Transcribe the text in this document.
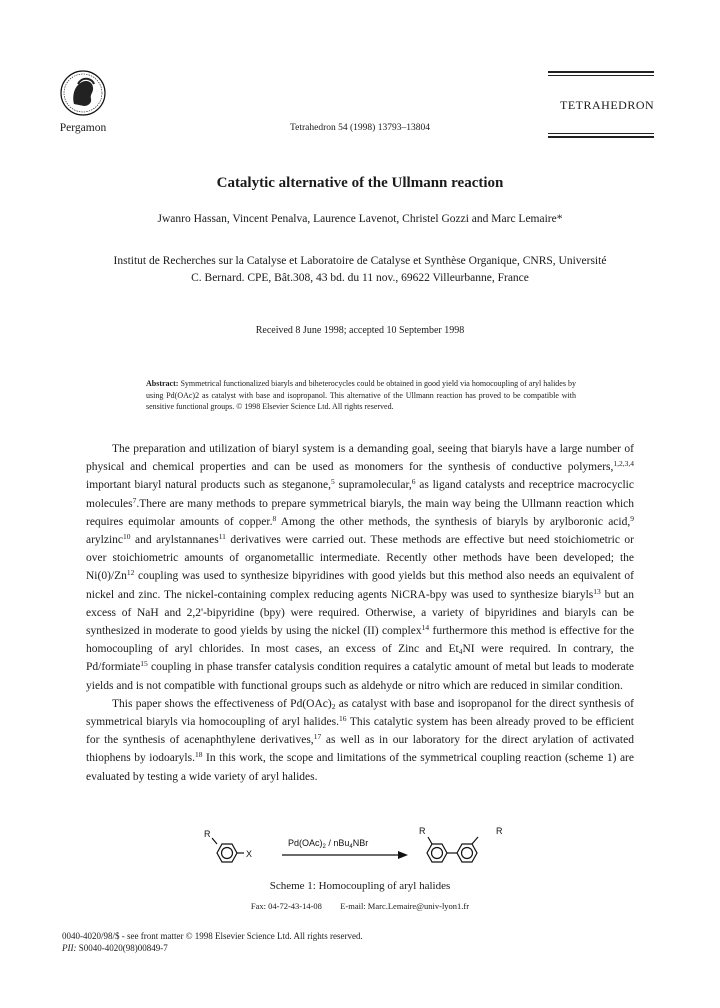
Pergamon	Tetrahedron 54 (1998) 13793–13804
TETRAHEDRON
Catalytic alternative of the Ullmann reaction
Jwanro Hassan, Vincent Penalva, Laurence Lavenot, Christel Gozzi and Marc Lemaire*
Institut de Recherches sur la Catalyse et Laboratoire de Catalyse et Synthèse Organique, CNRS, Université
C. Bernard. CPE, Bât.308, 43 bd. du 11 nov., 69622 Villeurbanne, France
Received 8 June 1998; accepted 10 September 1998
Abstract: Symmetrical functionalized biaryls and biheterocycles could be obtained in good yield via homocoupling of aryl halides by using Pd(OAc)2 as catalyst with base and isopropanol. This alternative of the Ullmann reaction has proved to be compatible with sensitive functional groups. © 1998 Elsevier Science Ltd. All rights reserved.

The preparation and utilization of biaryl system is a demanding goal, seeing that biaryls have a large number of physical and chemical properties and can be used as monomers for the synthesis of conductive polymers,$^{1,2,3,4}$ important biaryl natural products such as steganone,$^5$ supramolecular,$^6$ as ligand catalysts and receptrice macrocyclic molecules$^7$.There are many methods to prepare symmetrical biaryls, the main way being the Ullmann reaction which requires equimolar amounts of copper.$^8$ Among the other methods, the synthesis of biaryls by arylboronic acid,$^9$ arylzinc$^{10}$ and arylstannanes$^{11}$ derivatives were carried out. These methods are effective but need stoichiometric or over stoichiometric amounts of organometallic intermediate. Recently other methods have been developed; the Ni(0)/Zn$^{12}$ coupling was used to synthesize bipyridines with good yields but this method also needs an equivalent of nickel and zinc. The nickel-containing complex reducing agents NiCRA-bpy was used to synthesize biaryls$^{13}$ but an excess of NaH and 2,2'-bipyridine (bpy) were required. Otherwise, a variety of bipyridines and biaryls can be synthesized in moderate to good yields by using the nickel (II) complex$^{14}$ furthermore this method is effective for the homocoupling of aryl chlorides. In most cases, an excess of Zinc and $Et_4NI$ were required. In contrary, the Pd/formiate$^{15}$ coupling in phase transfer catalysis condition requires a catalytic amount of metal but leads to moderate yields and is not compatible with functional groups such as aldehyde or nitro which are reduced in similar condition.

This paper shows the effectiveness of $Pd(OAc)_2$ as catalyst with base and isopropanol for the direct synthesis of symmetrical biaryls via homocoupling of aryl halides.$^{16}$ This catalytic system has been already proved to be efficient for the synthesis of acenaphthylene derivatives,$^{17}$ as well as in our laboratory for the direct arylation of activated thiophens by iodoaryls.$^{18}$ In this work, the scope and limitations of the symmetrical coupling reaction (scheme 1) are evaluated by testing a wide variety of aryl halides.

R
X
$Pd(OAc)_2 / nBu_4NBr$
R	R
Scheme 1: Homocoupling of aryl halides
Fax: 04-72-43-14-08 E-mail: Marc.Lemaire@univ-lyon1.fr
0040-4020/98/$ - see front matter © 1998 Elsevier Science Ltd. All rights reserved.
PII: S0040-4020(98)00849-7
